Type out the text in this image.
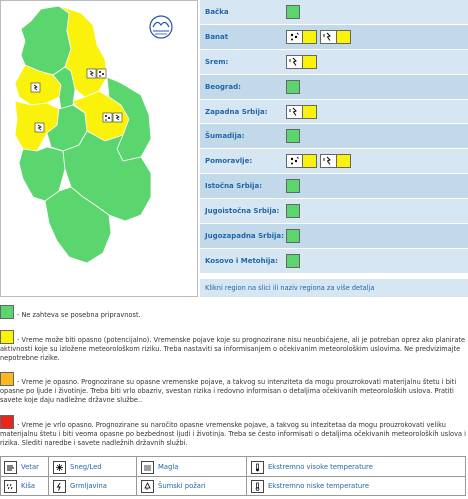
Bačka
Banat
Srem:
Beograd:
Zapadna Srbija:
Šumadija:
Pomoravlje:
Istočna Srbija:
Jugoistočna Srbija:
Jugozapadna Srbija:
Kosovo i Metohija:
Klikni region na slici ili naziv regiona za više detalja
- Ne zahteva se posebna pripravnost.
- Vreme može biti opasno (potencijalno). Vremenske pojave koje su prognozirane nisu neuobičajene, ali je potreban oprez ako planirate aktivnosti koje su izložene meteorološkom riziku. Treba nastaviti sa informisanjem o očekivanim meteorološkim uslovima. Ne predvizimajte nepotrebne rizike.
- Vreme je opasno. Prognozirane su opasne vremenske pojave, a takvog su intenziteta da mogu prouzrokovati materijalnu štetu i biti opasne po ljude i životinje. Treba biti vrlo obazriv, svestan rizika i redovno informisan o detaljima očekivanih meteoroloških uslova. Pratiti savete koje daju nadležne državne službe..
- Vreme je vrlo opasno. Prognozirane su naročito opasne vremenske pojave, a takvog su intezitetaa da mogu prouzrokovati veliku materijalnu štetu i biti veoma opasne po bezbednost ljudi i životinja. Treba se često informisati o detaljima očekivanih meteoroloških uslova i rizika. Slediti naredbe i savete nadležnih državnih službi.
Vetar	Sneg/Led	Magla	Ekstremno visoke temperature
Kiša	Grmljavina	Šumski požari	Ekstremno niske temperature
